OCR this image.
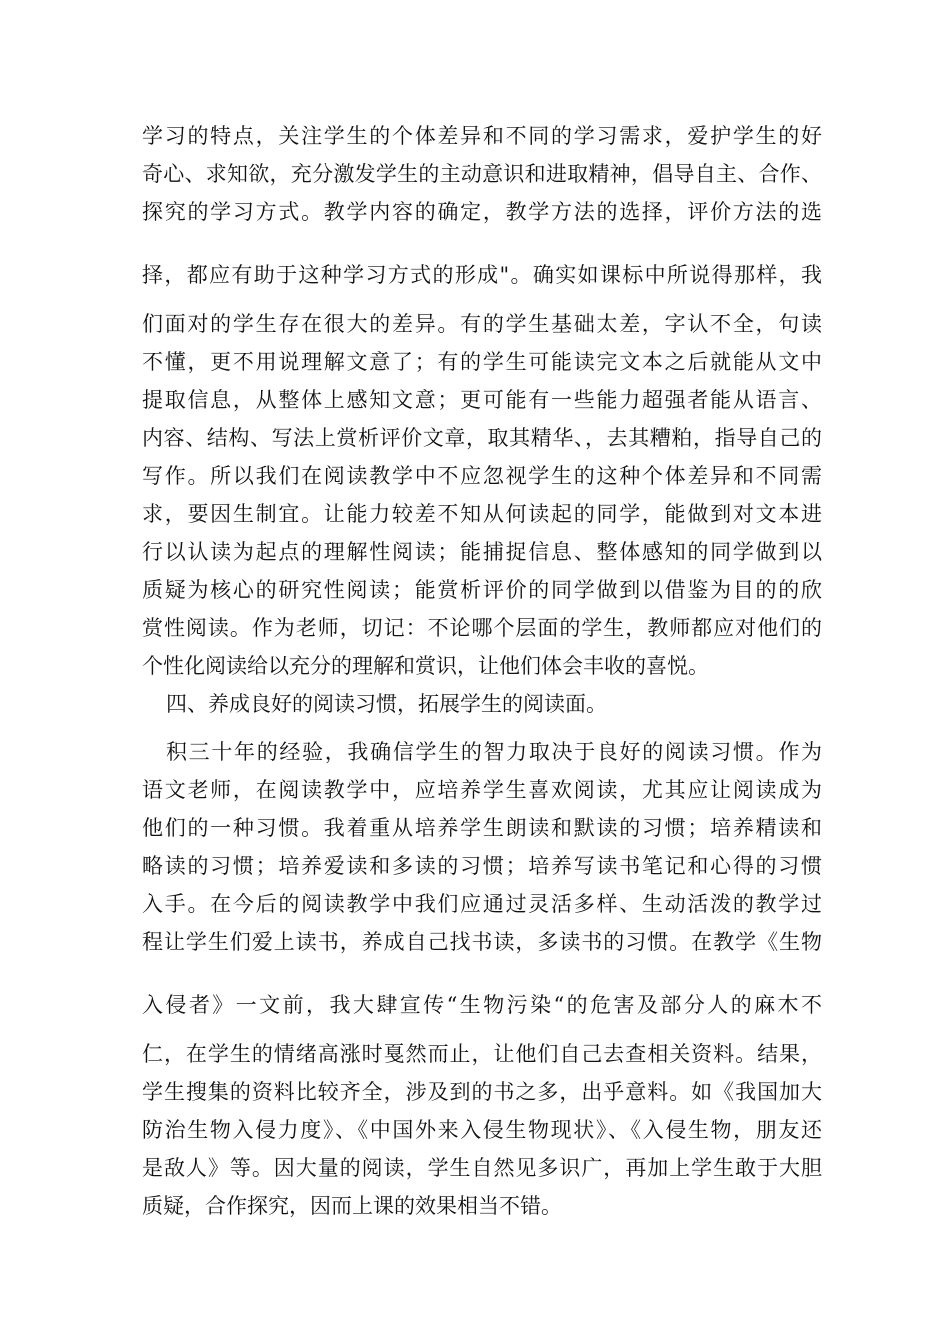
学习的特点，关注学生的个体差异和不同的学习需求，爱护学生的好
奇心、求知欲，充分激发学生的主动意识和进取精神，倡导自主、合作、
探究的学习方式。教学内容的确定，教学方法的选择，评价方法的选
择，都应有助于这种学习方式的形成"。确实如课标中所说得那样，我
们面对的学生存在很大的差异。有的学生基础太差，字认不全，句读
不懂，更不用说理解文意了；有的学生可能读完文本之后就能从文中
提取信息，从整体上感知文意；更可能有一些能力超强者能从语言、
内容、结构、写法上赏析评价文章，取其精华、，去其糟粕，指导自己的
写作。所以我们在阅读教学中不应忽视学生的这种个体差异和不同需
求，要因生制宜。让能力较差不知从何读起的同学，能做到对文本进
行以认读为起点的理解性阅读；能捕捉信息、整体感知的同学做到以
质疑为核心的研究性阅读；能赏析评价的同学做到以借鉴为目的的欣
赏性阅读。作为老师，切记：不论哪个层面的学生，教师都应对他们的
个性化阅读给以充分的理解和赏识，让他们体会丰收的喜悦。
四、养成良好的阅读习惯，拓展学生的阅读面。
积三十年的经验，我确信学生的智力取决于良好的阅读习惯。作为
语文老师，在阅读教学中，应培养学生喜欢阅读，尤其应让阅读成为
他们的一种习惯。我着重从培养学生朗读和默读的习惯；培养精读和
略读的习惯；培养爱读和多读的习惯；培养写读书笔记和心得的习惯
入手。在今后的阅读教学中我们应通过灵活多样、生动活泼的教学过
程让学生们爱上读书，养成自己找书读，多读书的习惯。在教学《生物
入侵者》一文前，我大肆宣传“生物污染“的危害及部分人的麻木不
仁，在学生的情绪高涨时戛然而止，让他们自己去查相关资料。结果，
学生搜集的资料比较齐全，涉及到的书之多，出乎意料。如《我国加大
防治生物入侵力度》、《中国外来入侵生物现状》、《入侵生物，朋友还
是敌人》等。因大量的阅读，学生自然见多识广，再加上学生敢于大胆
质疑，合作探究，因而上课的效果相当不错。
